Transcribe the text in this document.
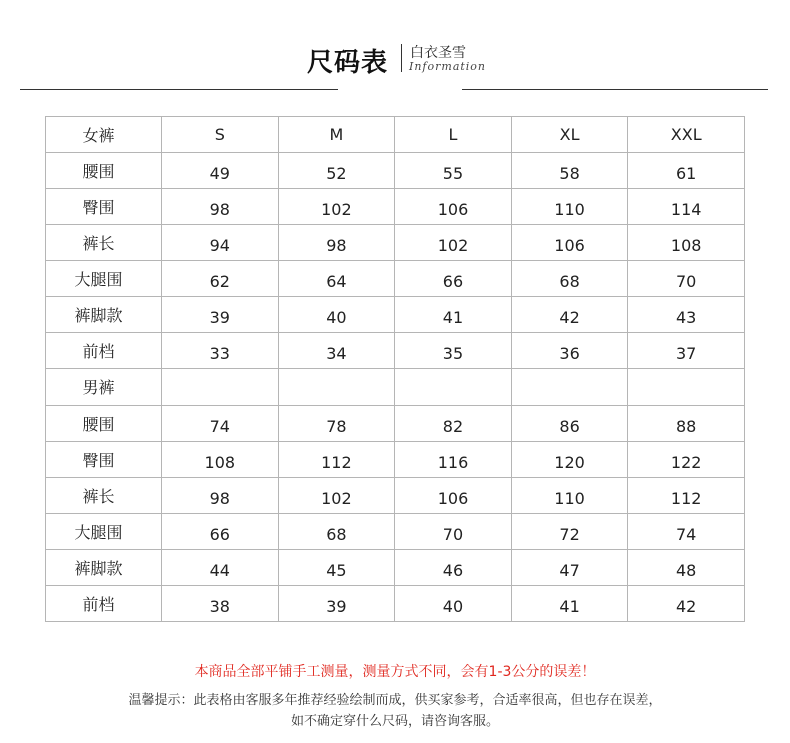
尺码表 白衣圣雪
Information
女裤	S	M	L	XL	XXL
腰围	49	52	55	58	61
臀围	98	102	106	110	114
裤长	94	98	102	106	108
大腿围	62	64	66	68	70
裤脚款	39	40	41	42	43
前档	33	34	35	36	37
男裤					
腰围	74	78	82	86	88
臀围	108	112	116	120	122
裤长	98	102	106	110	112
大腿围	66	68	70	72	74
裤脚款	44	45	46	47	48
前档	38	39	40	41	42
本商品全部平铺手工测量，测量方式不同，会有1-3公分的误差！
温馨提示：此表格由客服多年推荐经验绘制而成，供买家参考，合适率很高，但也存在误差，
如不确定穿什么尺码，请咨询客服。
